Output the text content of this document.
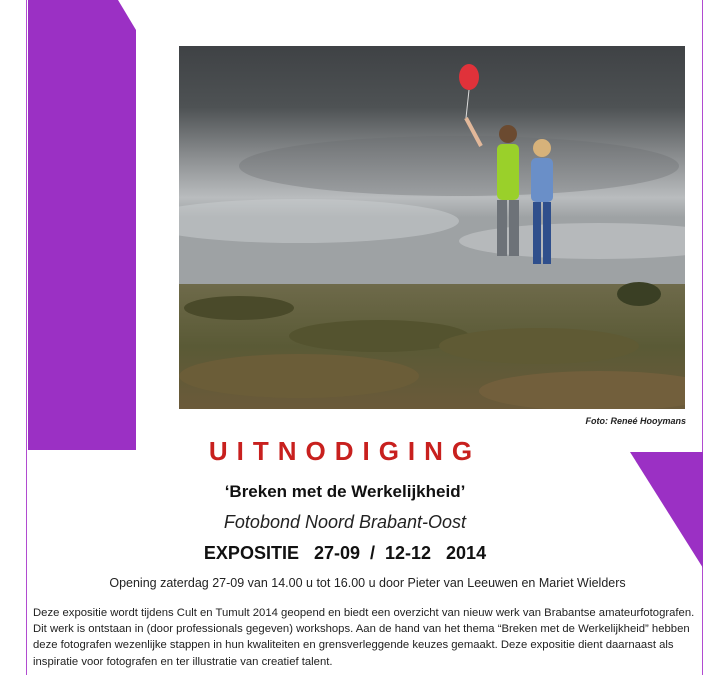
Foto: Reneé Hooymans
UITNODIGING
‘Breken met de Werkelijkheid’
Fotobond Noord Brabant-Oost
EXPOSITIE   27-09  /  12-12   2014
Opening zaterdag 27-09 van 14.00 u tot 16.00 u door Pieter van Leeuwen en Mariet Wielders

Deze expositie wordt tijdens Cult en Tumult 2014 geopend en biedt een overzicht van nieuw werk van Brabantse amateurfotografen. Dit werk is ontstaan in (door professionals gegeven) workshops. Aan de hand van het thema “Breken met de Werkelijkheid” hebben deze fotografen wezenlijke stappen in hun kwaliteiten en grensverleggende keuzes gemaakt. Deze expositie dient daarnaast als inspiratie voor fotografen en ter illustratie van creatief talent.
